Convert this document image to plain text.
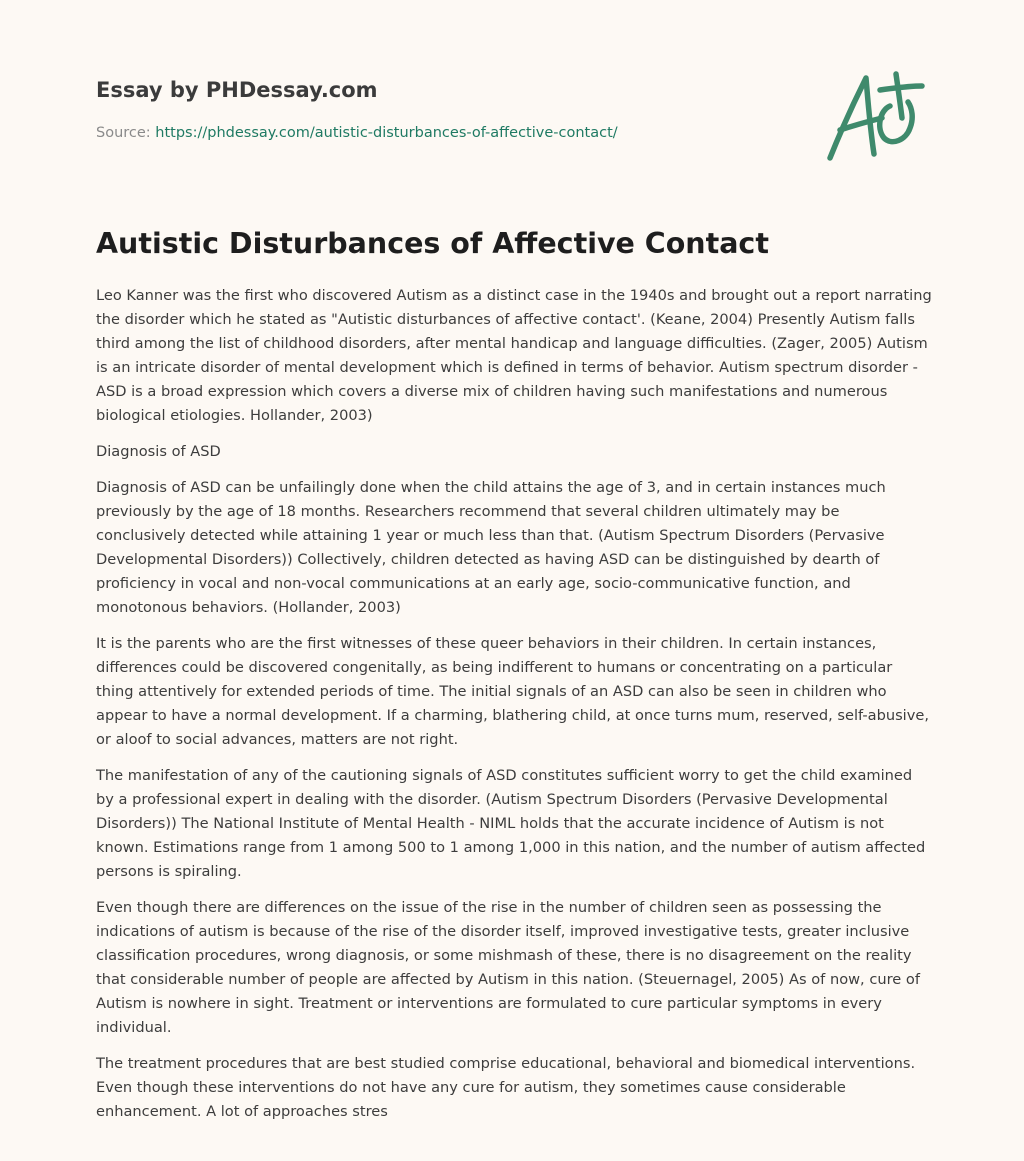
Essay by PHDessay.com
Source: https://phdessay.com/autistic-disturbances-of-affective-contact/
Autistic Disturbances of Affective Contact

Leo Kanner was the first who discovered Autism as a distinct case in the 1940s and brought out a report narrating the disorder which he stated as "Autistic disturbances of affective contact'. (Keane, 2004) Presently Autism falls third among the list of childhood disorders, after mental handicap and language difficulties. (Zager, 2005) Autism is an intricate disorder of mental development which is defined in terms of behavior. Autism spectrum disorder - ASD is a broad expression which covers a diverse mix of children having such manifestations and numerous biological etiologies. Hollander, 2003)

Diagnosis of ASD

Diagnosis of ASD can be unfailingly done when the child attains the age of 3, and in certain instances much previously by the age of 18 months. Researchers recommend that several children ultimately may be conclusively detected while attaining 1 year or much less than that. (Autism Spectrum Disorders (Pervasive Developmental Disorders)) Collectively, children detected as having ASD can be distinguished by dearth of proficiency in vocal and non-vocal communications at an early age, socio-communicative function, and monotonous behaviors. (Hollander, 2003)

It is the parents who are the first witnesses of these queer behaviors in their children. In certain instances, differences could be discovered congenitally, as being indifferent to humans or concentrating on a particular thing attentively for extended periods of time. The initial signals of an ASD can also be seen in children who appear to have a normal development. If a charming, blathering child, at once turns mum, reserved, self-abusive, or aloof to social advances, matters are not right.

The manifestation of any of the cautioning signals of ASD constitutes sufficient worry to get the child examined by a professional expert in dealing with the disorder. (Autism Spectrum Disorders (Pervasive Developmental Disorders)) The National Institute of Mental Health - NIML holds that the accurate incidence of Autism is not known. Estimations range from 1 among 500 to 1 among 1,000 in this nation, and the number of autism affected persons is spiraling.

Even though there are differences on the issue of the rise in the number of children seen as possessing the indications of autism is because of the rise of the disorder itself, improved investigative tests, greater inclusive classification procedures, wrong diagnosis, or some mishmash of these, there is no disagreement on the reality that considerable number of people are affected by Autism in this nation. (Steuernagel, 2005) As of now, cure of Autism is nowhere in sight. Treatment or interventions are formulated to cure particular symptoms in every individual.

The treatment procedures that are best studied comprise educational, behavioral and biomedical interventions. Even though these interventions do not have any cure for autism, they sometimes cause considerable enhancement. A lot of approaches stres
